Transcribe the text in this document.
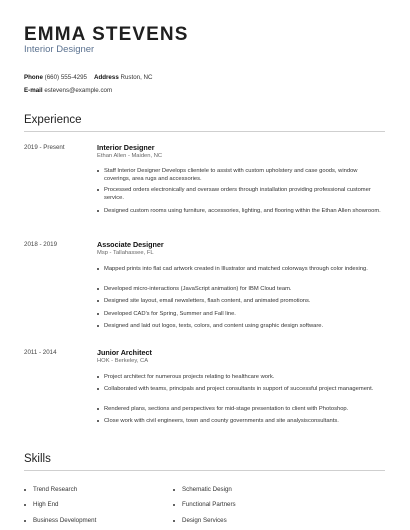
EMMA STEVENS
Interior Designer
Phone (660) 555-4295 Address Ruston, NC
E-mail estevens@example.com
Experience
2019 - Present	Interior Designer
Ethan Allen - Maiden, NC
Staff Interior Designer Develops clientele to assist with custom upholstery and case goods, window coverings, area rugs and accessories.
Processed orders electronically and oversaw orders through installation providing professional customer service.
Designed custom rooms using furniture, accessories, lighting, and flooring within the Ethan Allen showroom.
2018 - 2019	Associate Designer
Msp - Tallahassee, FL
Mapped prints into flat cad artwork created in Illustrator and matched colorways through color indexing.
Developed micro-interactions (JavaScript animation) for IBM Cloud team.
Designed site layout, email newsletters, flash content, and animated promotions.
Developed CAD's for Spring, Summer and Fall line.
Designed and laid out logos, texts, colors, and content using graphic design software.
2011 - 2014	Junior Architect
HOK - Berkeley, CA
Project architect for numerous projects relating to healthcare work.
Collaborated with teams, principals and project consultants in support of successful project management.
Rendered plans, sections and perspectives for mid-stage presentation to client with Photoshop.
Close work with civil engineers, town and county governments and site analysisconsultants.
Skills
Trend Research	Schematic Design
High End	Functional Partners
Business Development	Design Services
